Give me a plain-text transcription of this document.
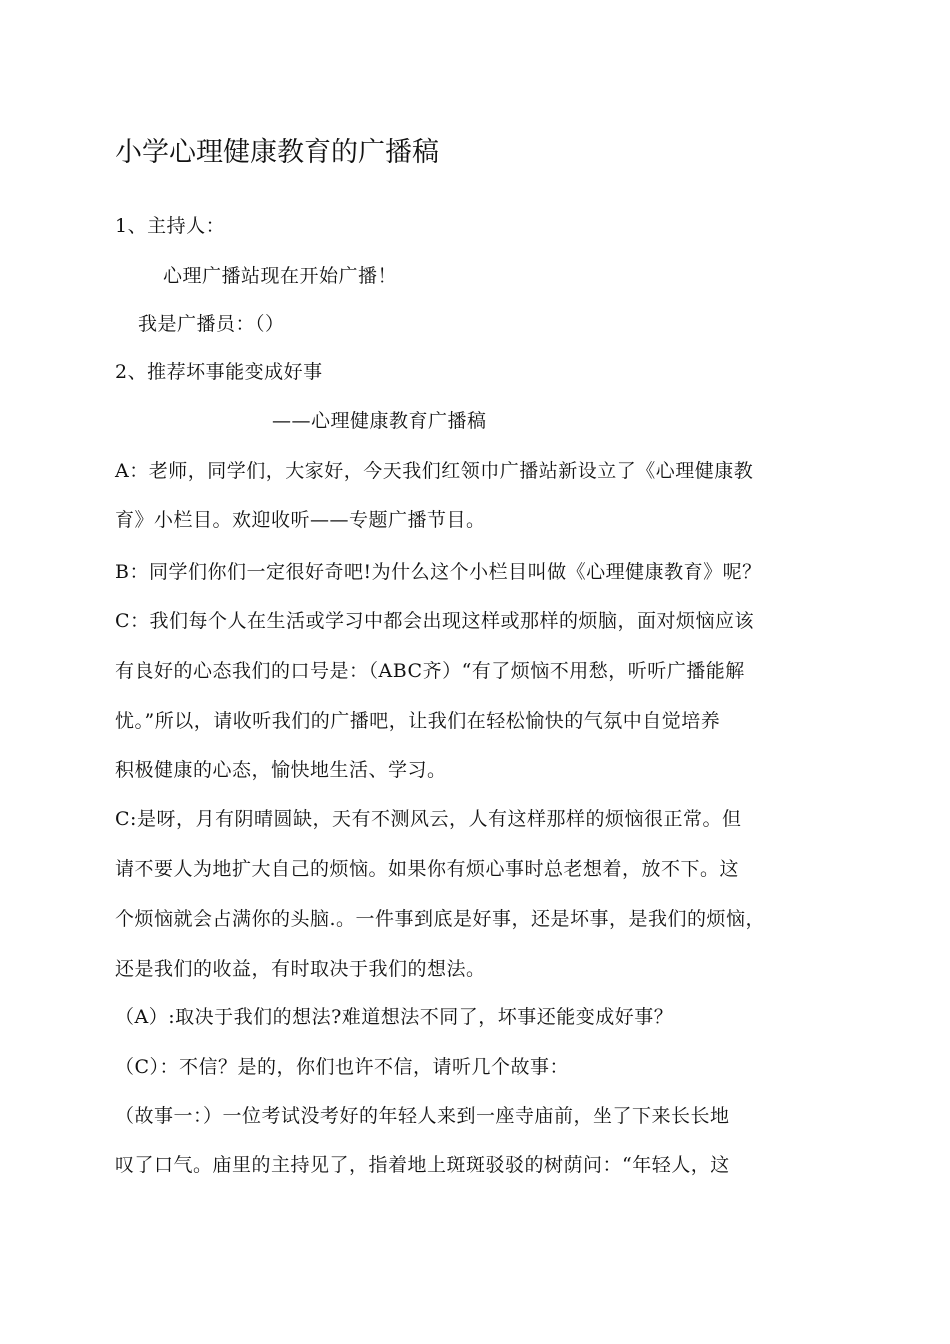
小学心理健康教育的广播稿
1、主持人：
心理广播站现在开始广播！
我是广播员：（）
2、推荐坏事能变成好事
——心理健康教育广播稿
A：老师，同学们，大家好，今天我们红领巾广播站新设立了《心理健康教
育》小栏目。欢迎收听——专题广播节目。
B：同学们你们一定很好奇吧!为什么这个小栏目叫做《心理健康教育》呢？
C：我们每个人在生活或学习中都会出现这样或那样的烦脑，面对烦恼应该
有良好的心态我们的口号是：（ABC齐）“有了烦恼不用愁，听听广播能解
忧。”所以，请收听我们的广播吧，让我们在轻松愉快的气氛中自觉培养
积极健康的心态，愉快地生活、学习。
C:是呀，月有阴晴圆缺，天有不测风云，人有这样那样的烦恼很正常。但
请不要人为地扩大自己的烦恼。如果你有烦心事时总老想着，放不下。这
个烦恼就会占满你的头脑.。一件事到底是好事，还是坏事，是我们的烦恼，
还是我们的收益，有时取决于我们的想法。
（A）:取决于我们的想法?难道想法不同了，坏事还能变成好事？
（C）：不信？是的，你们也许不信，请听几个故事：
（故事一：）一位考试没考好的年轻人来到一座寺庙前，坐了下来长长地
叹了口气。庙里的主持见了，指着地上斑斑驳驳的树荫问：“年轻人，这
